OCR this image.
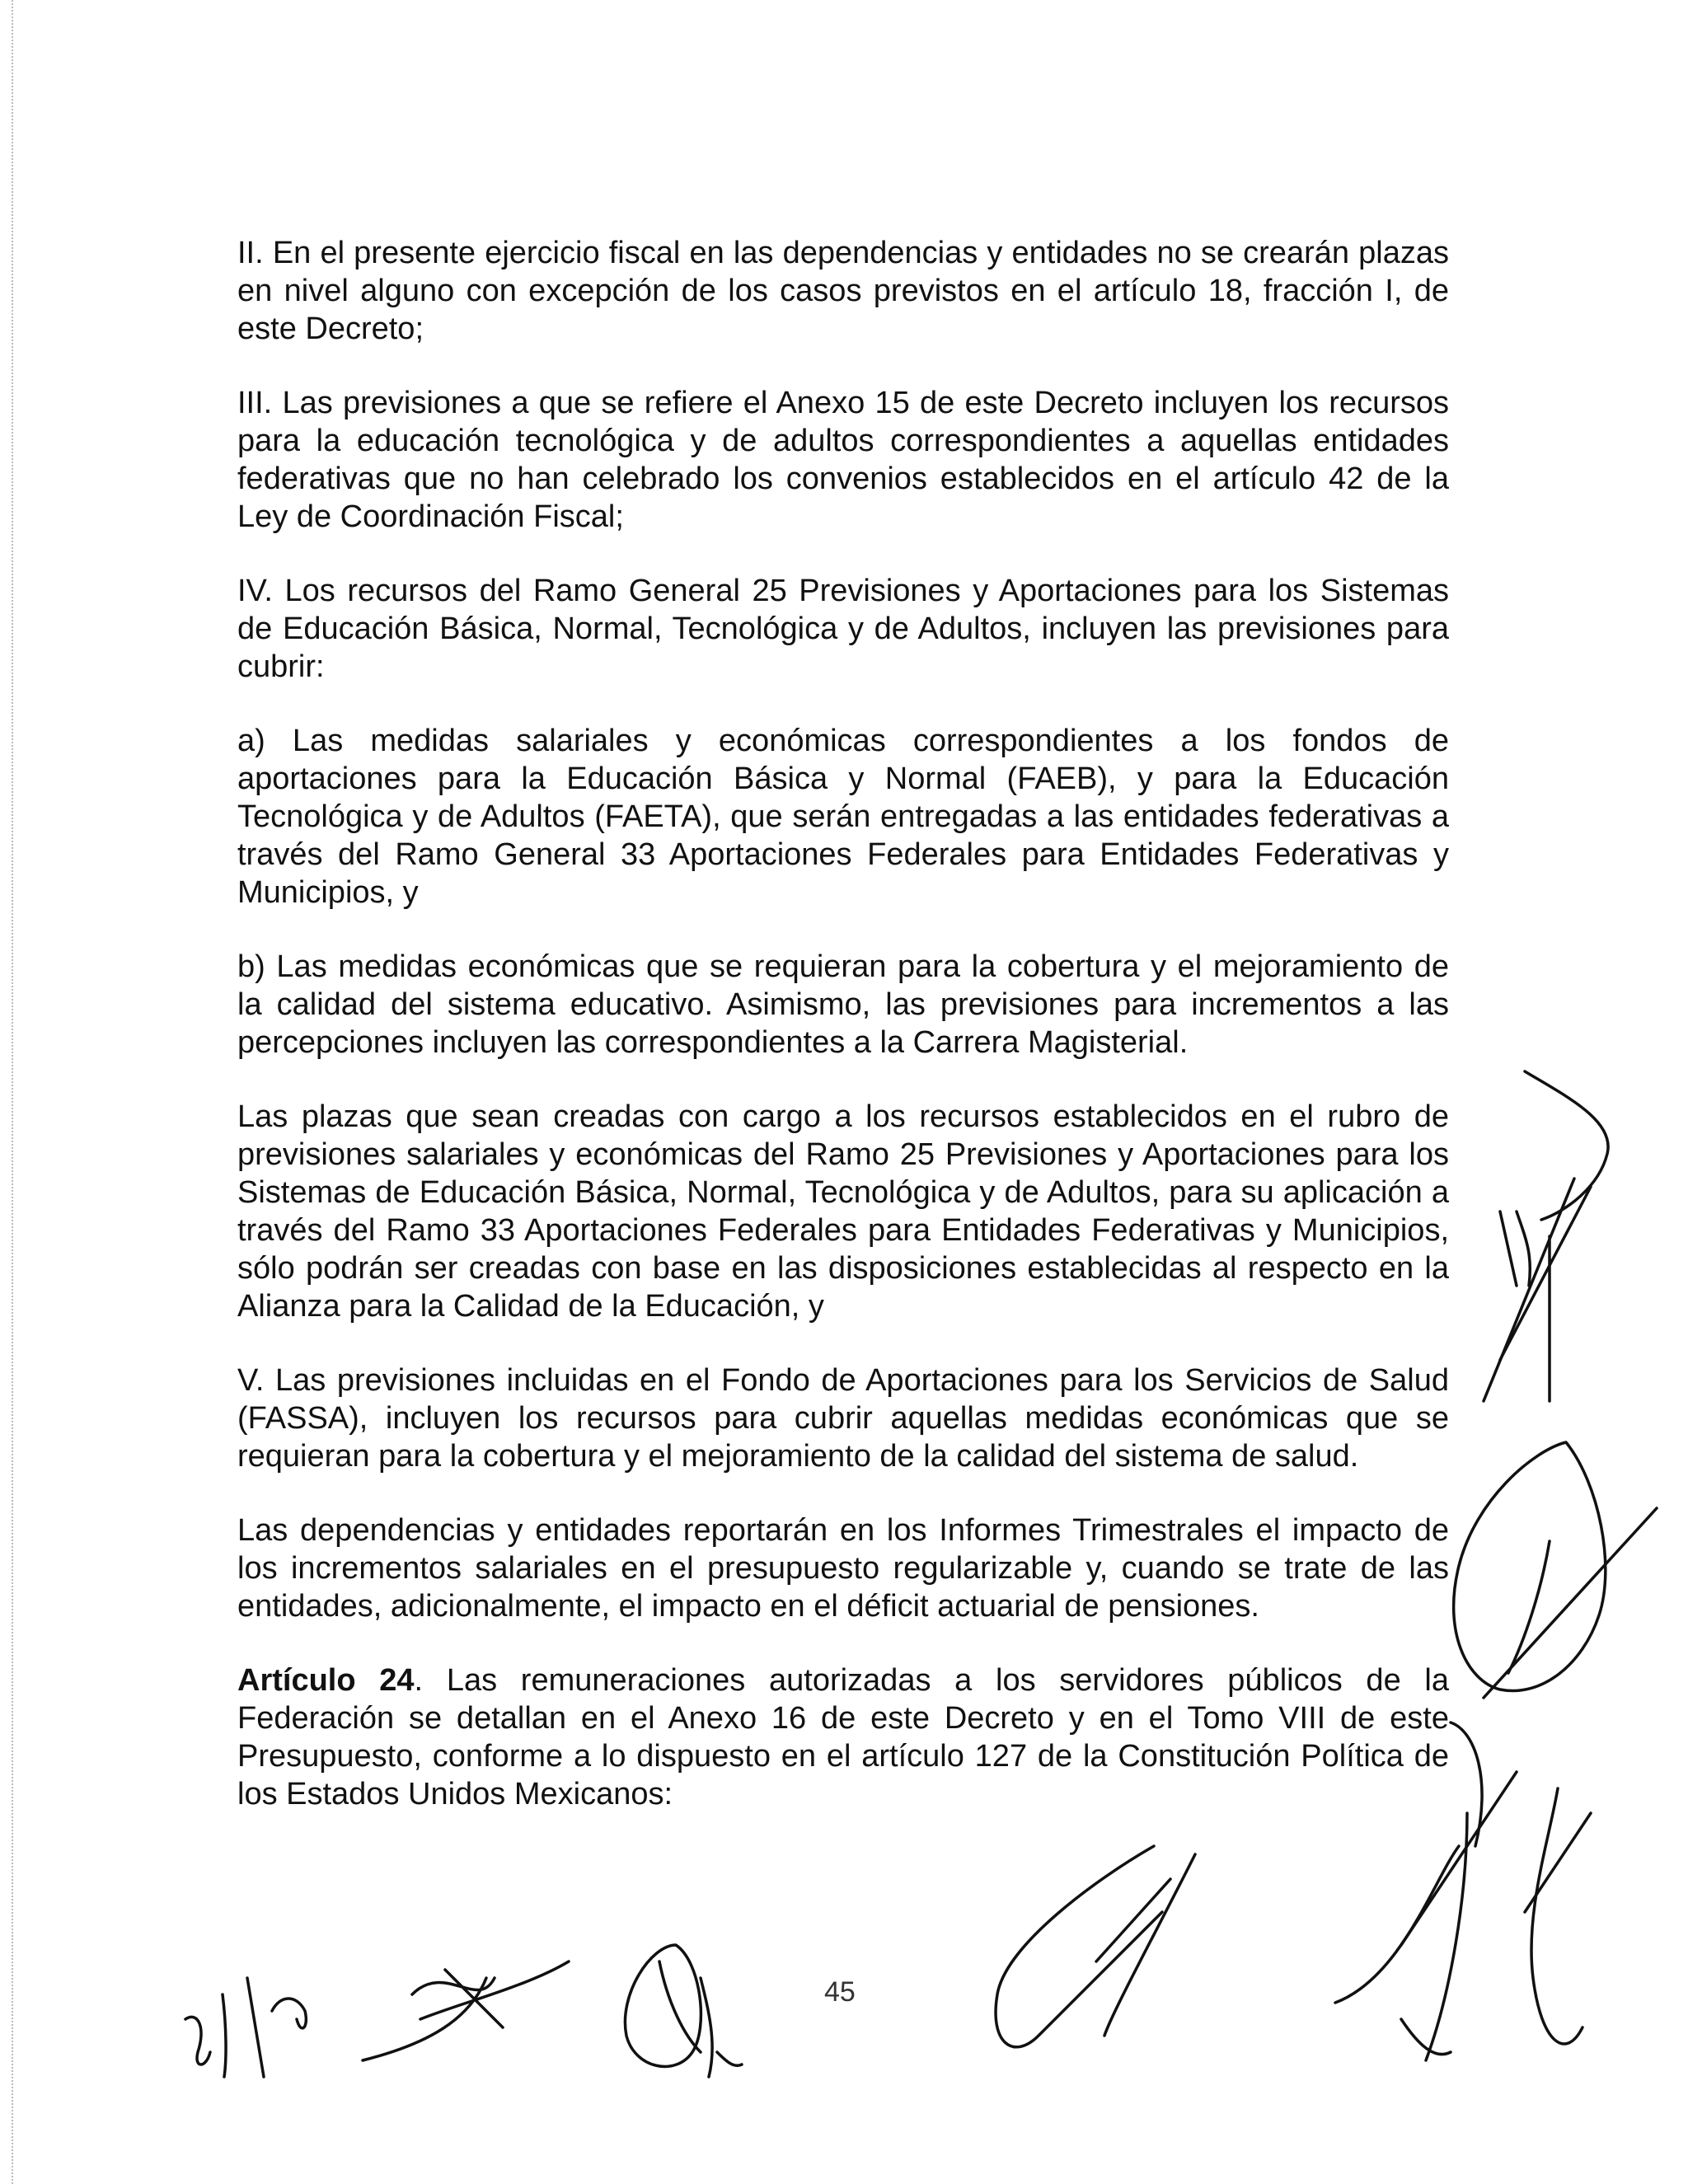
II. En el presente ejercicio fiscal en las dependencias y entidades no se crearán plazas en nivel alguno con excepción de los casos previstos en el artículo 18, fracción I, de este Decreto;

III. Las previsiones a que se refiere el Anexo 15 de este Decreto incluyen los recursos para la educación tecnológica y de adultos correspondientes a aquellas entidades federativas que no han celebrado los convenios establecidos en el artículo 42 de la Ley de Coordinación Fiscal;

IV. Los recursos del Ramo General 25 Previsiones y Aportaciones para los Sistemas de Educación Básica, Normal, Tecnológica y de Adultos, incluyen las previsiones para cubrir:

a) Las medidas salariales y económicas correspondientes a los fondos de aportaciones para la Educación Básica y Normal (FAEB), y para la Educación Tecnológica y de Adultos (FAETA), que serán entregadas a las entidades federativas a través del Ramo General 33 Aportaciones Federales para Entidades Federativas y Municipios, y

b) Las medidas económicas que se requieran para la cobertura y el mejoramiento de la calidad del sistema educativo. Asimismo, las previsiones para incrementos a las percepciones incluyen las correspondientes a la Carrera Magisterial.

Las plazas que sean creadas con cargo a los recursos establecidos en el rubro de previsiones salariales y económicas del Ramo 25 Previsiones y Aportaciones para los Sistemas de Educación Básica, Normal, Tecnológica y de Adultos, para su aplicación a través del Ramo 33 Aportaciones Federales para Entidades Federativas y Municipios, sólo podrán ser creadas con base en las disposiciones establecidas al respecto en la Alianza para la Calidad de la Educación, y

V. Las previsiones incluidas en el Fondo de Aportaciones para los Servicios de Salud (FASSA), incluyen los recursos para cubrir aquellas medidas económicas que se requieran para la cobertura y el mejoramiento de la calidad del sistema de salud.

Las dependencias y entidades reportarán en los Informes Trimestrales el impacto de los incrementos salariales en el presupuesto regularizable y, cuando se trate de las entidades, adicionalmente, el impacto en el déficit actuarial de pensiones.

Artículo 24. Las remuneraciones autorizadas a los servidores públicos de la Federación se detallan en el Anexo 16 de este Decreto y en el Tomo VIII de este Presupuesto, conforme a lo dispuesto en el artículo 127 de la Constitución Política de los Estados Unidos Mexicanos:

45
